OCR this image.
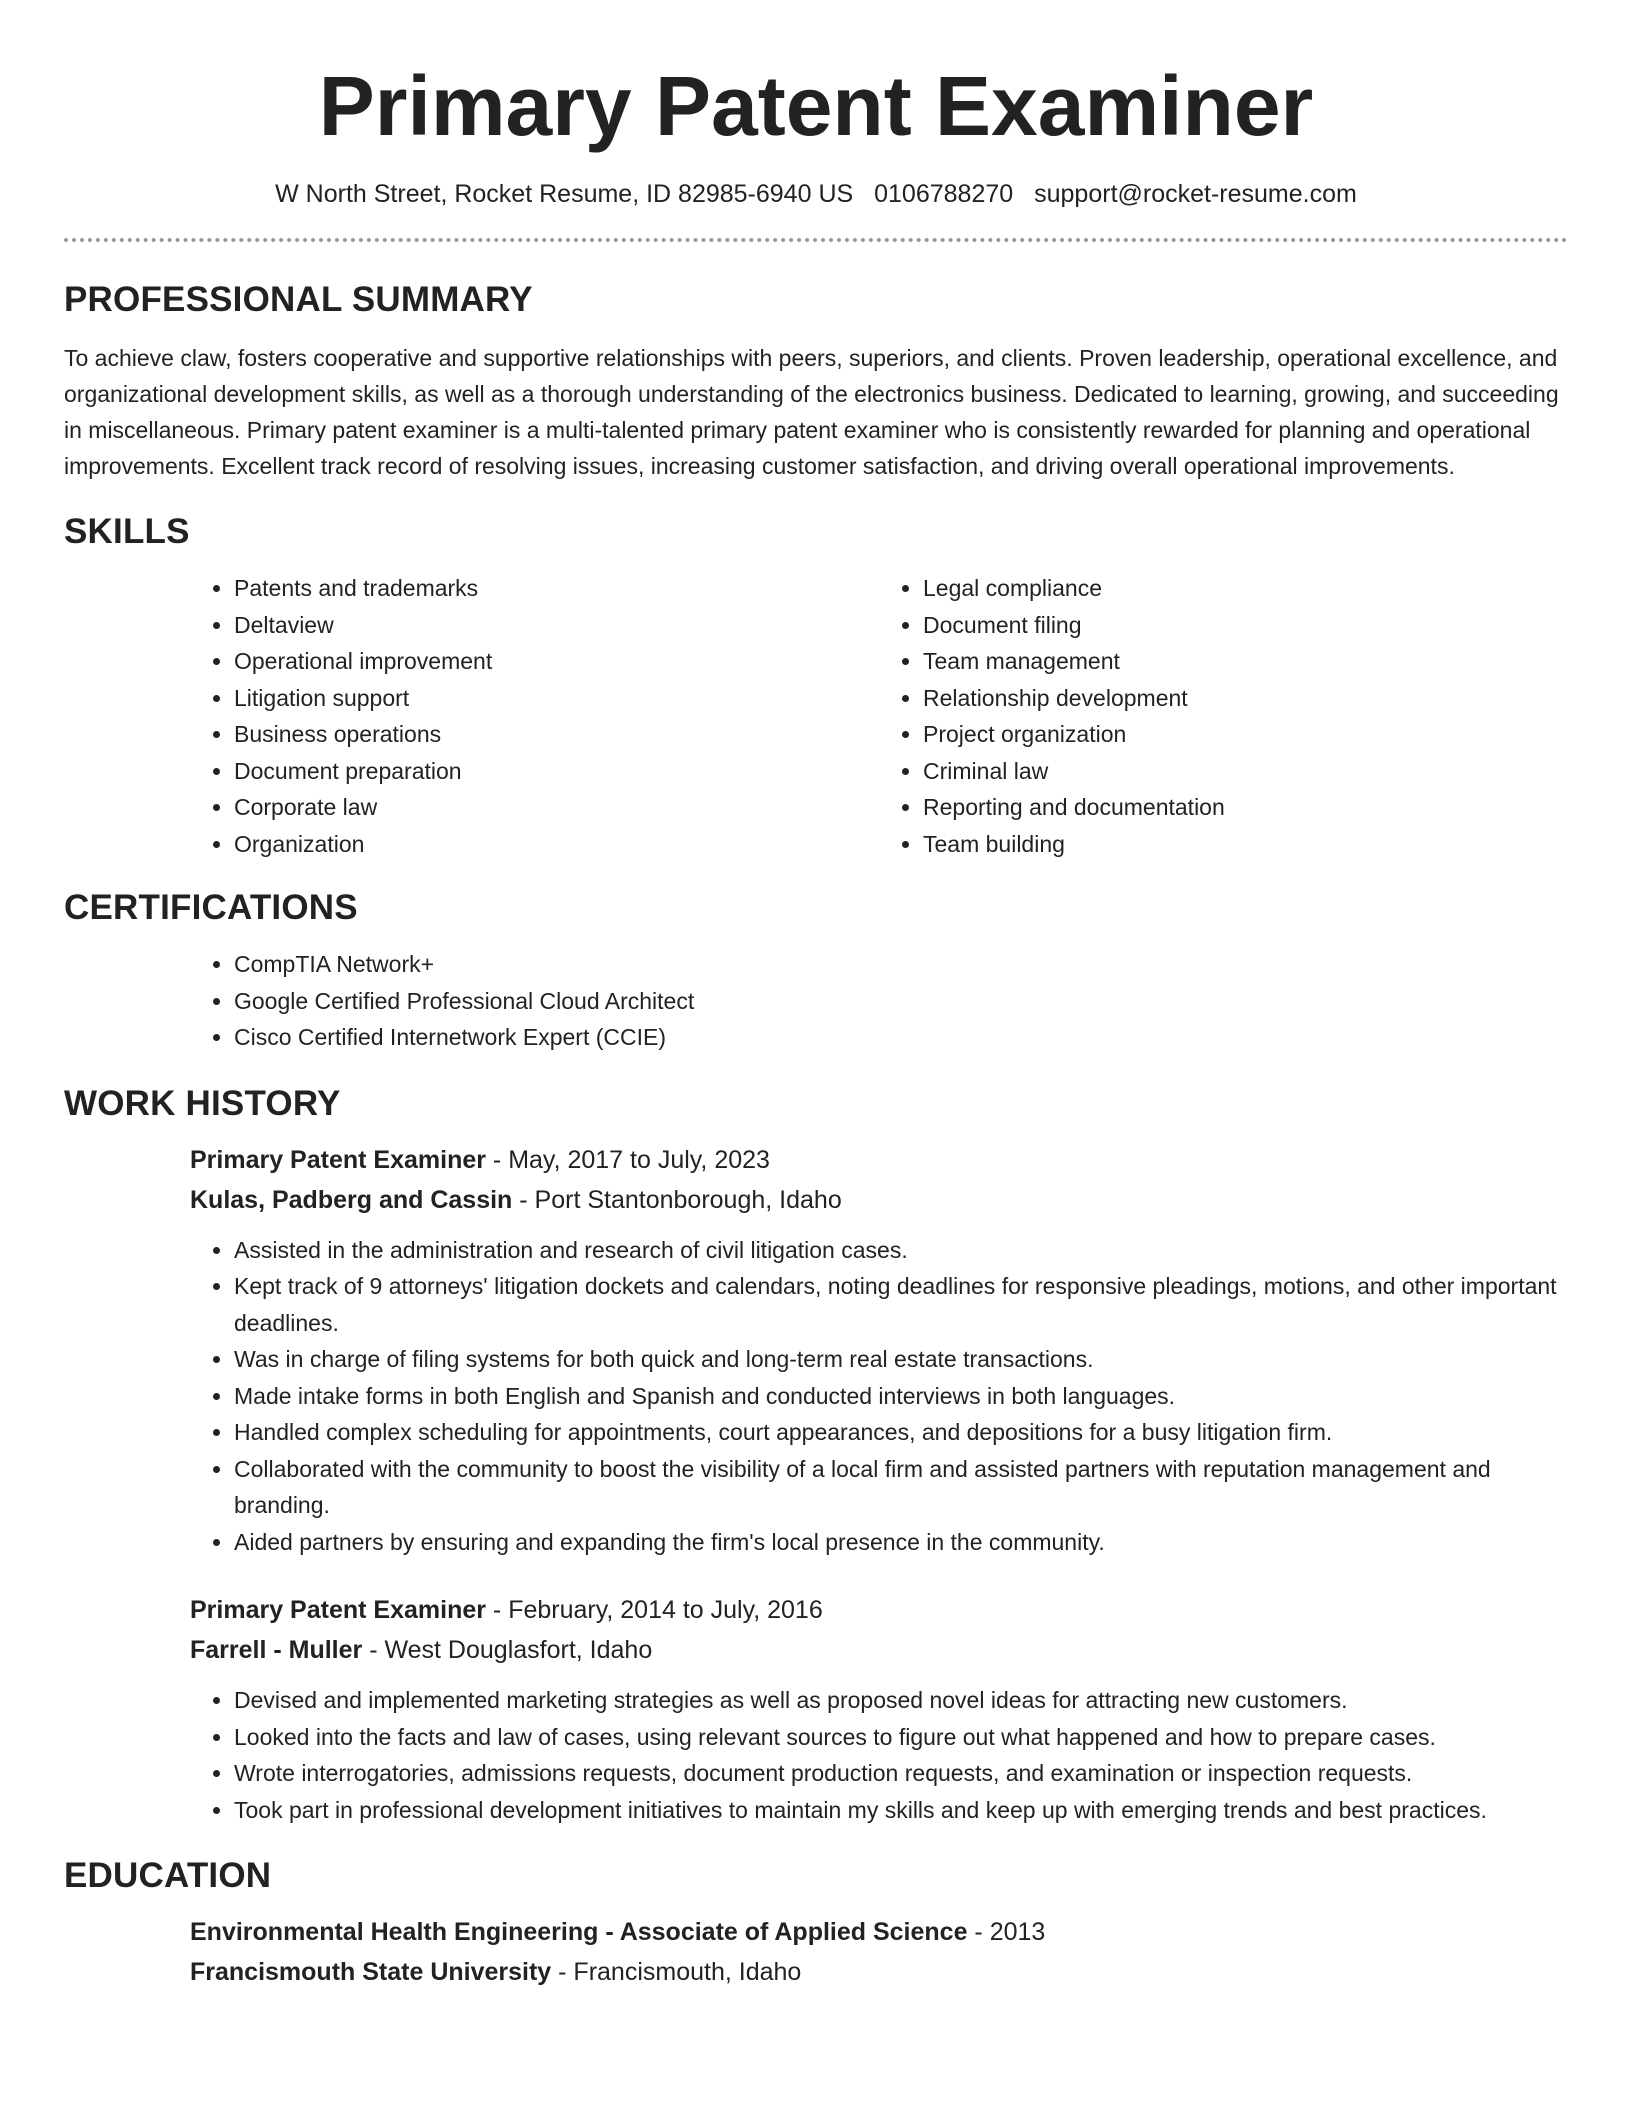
Primary Patent Examiner
W North Street, Rocket Resume, ID 82985-6940 US 0106788270 support@rocket-resume.com
PROFESSIONAL SUMMARY

To achieve claw, fosters cooperative and supportive relationships with peers, superiors, and clients. Proven leadership, operational excellence, and organizational development skills, as well as a thorough understanding of the electronics business. Dedicated to learning, growing, and succeeding in miscellaneous. Primary patent examiner is a multi-talented primary patent examiner who is consistently rewarded for planning and operational improvements. Excellent track record of resolving issues, increasing customer satisfaction, and driving overall operational improvements.

SKILLS
• Patents and trademarks
• Deltaview
• Operational improvement
• Litigation support
• Business operations
• Document preparation
• Corporate law
• Organization
• Legal compliance
• Document filing
• Team management
• Relationship development
• Project organization
• Criminal law
• Reporting and documentation
• Team building
CERTIFICATIONS
• CompTIA Network+
• Google Certified Professional Cloud Architect
• Cisco Certified Internetwork Expert (CCIE)
WORK HISTORY
Primary Patent Examiner - May, 2017 to July, 2023
Kulas, Padberg and Cassin - Port Stantonborough, Idaho
• Assisted in the administration and research of civil litigation cases.
• Kept track of 9 attorneys' litigation dockets and calendars, noting deadlines for responsive pleadings, motions, and other important deadlines.
• Was in charge of filing systems for both quick and long-term real estate transactions.
• Made intake forms in both English and Spanish and conducted interviews in both languages.
• Handled complex scheduling for appointments, court appearances, and depositions for a busy litigation firm.
• Collaborated with the community to boost the visibility of a local firm and assisted partners with reputation management and branding.
• Aided partners by ensuring and expanding the firm's local presence in the community.
Primary Patent Examiner - February, 2014 to July, 2016
Farrell - Muller - West Douglasfort, Idaho
• Devised and implemented marketing strategies as well as proposed novel ideas for attracting new customers.
• Looked into the facts and law of cases, using relevant sources to figure out what happened and how to prepare cases.
• Wrote interrogatories, admissions requests, document production requests, and examination or inspection requests.
• Took part in professional development initiatives to maintain my skills and keep up with emerging trends and best practices.
EDUCATION
Environmental Health Engineering - Associate of Applied Science - 2013
Francismouth State University - Francismouth, Idaho
